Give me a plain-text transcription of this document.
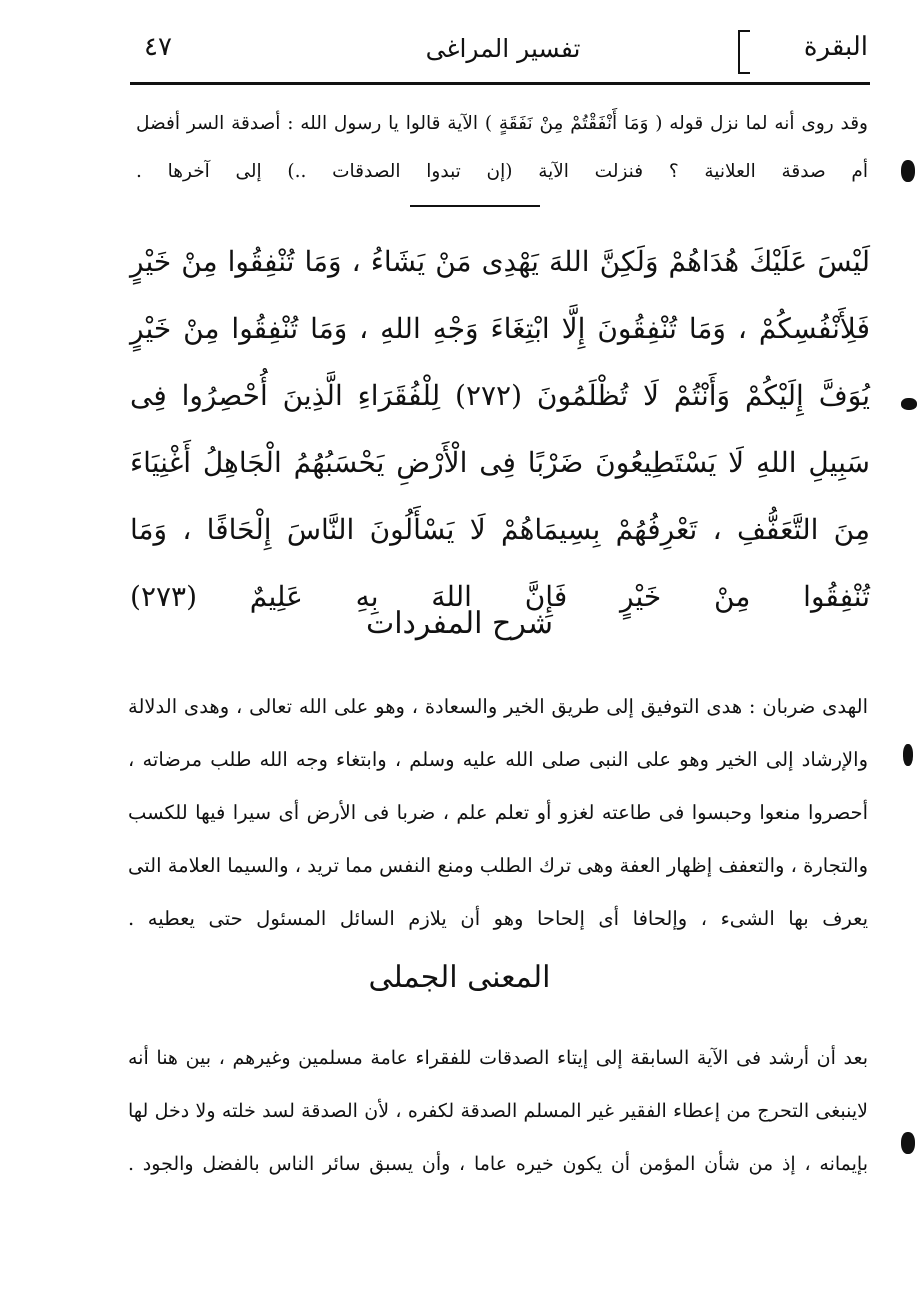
٤٧	تفسير المراغى	البقرة

وقد روى أنه لما نزل قوله ( وَمَا أَنْفَقْتُمْ مِنْ نَفَقَةٍ ) الآية قالوا يا رسول الله : أصدقة السر أفضل أم صدقة العلانية ؟ فنزلت الآية (إن تبدوا الصدقات ..) إلى آخرها .

لَيْسَ عَلَيْكَ هُدَاهُمْ وَلَكِنَّ اللهَ يَهْدِى مَنْ يَشَاءُ ، وَمَا تُنْفِقُوا مِنْ خَيْرٍ فَلِأَنْفُسِكُمْ ، وَمَا تُنْفِقُونَ إِلَّا ابْتِغَاءَ وَجْهِ اللهِ ، وَمَا تُنْفِقُوا مِنْ خَيْرٍ يُوَفَّ إِلَيْكُمْ وَأَنْتُمْ لَا تُظْلَمُونَ (٢٧٢) لِلْفُقَرَاءِ الَّذِينَ أُحْصِرُوا فِى سَبِيلِ اللهِ لَا يَسْتَطِيعُونَ ضَرْبًا فِى الْأَرْضِ يَحْسَبُهُمُ الْجَاهِلُ أَغْنِيَاءَ مِنَ التَّعَفُّفِ ، تَعْرِفُهُمْ بِسِيمَاهُمْ لَا يَسْأَلُونَ النَّاسَ إِلْحَافًا ، وَمَا تُنْفِقُوا مِنْ خَيْرٍ فَإِنَّ اللهَ بِهِ عَلِيمٌ (٢٧٣)

شرح المفردات

الهدى ضربان : هدى التوفيق إلى طريق الخير والسعادة ، وهو على الله تعالى ، وهدى الدلالة والإرشاد إلى الخير وهو على النبى صلى الله عليه وسلم ، وابتغاء وجه الله طلب مرضاته ، أحصروا منعوا وحبسوا فى طاعته لغزو أو تعلم علم ، ضربا فى الأرض أى سيرا فيها للكسب والتجارة ، والتعفف إظهار العفة وهى ترك الطلب ومنع النفس مما تريد ، والسيما العلامة التى يعرف بها الشىء ، وإلحافا أى إلحاحا وهو أن يلازم السائل المسئول حتى يعطيه .

المعنى الجملى

بعد أن أرشد فى الآية السابقة إلى إيتاء الصدقات للفقراء عامة مسلمين وغيرهم ، بين هنا أنه لاينبغى التحرج من إعطاء الفقير غير المسلم الصدقة لكفره ، لأن الصدقة لسد خلته ولا دخل لها بإيمانه ، إذ من شأن المؤمن أن يكون خيره عاما ، وأن يسبق سائر الناس بالفضل والجود .
